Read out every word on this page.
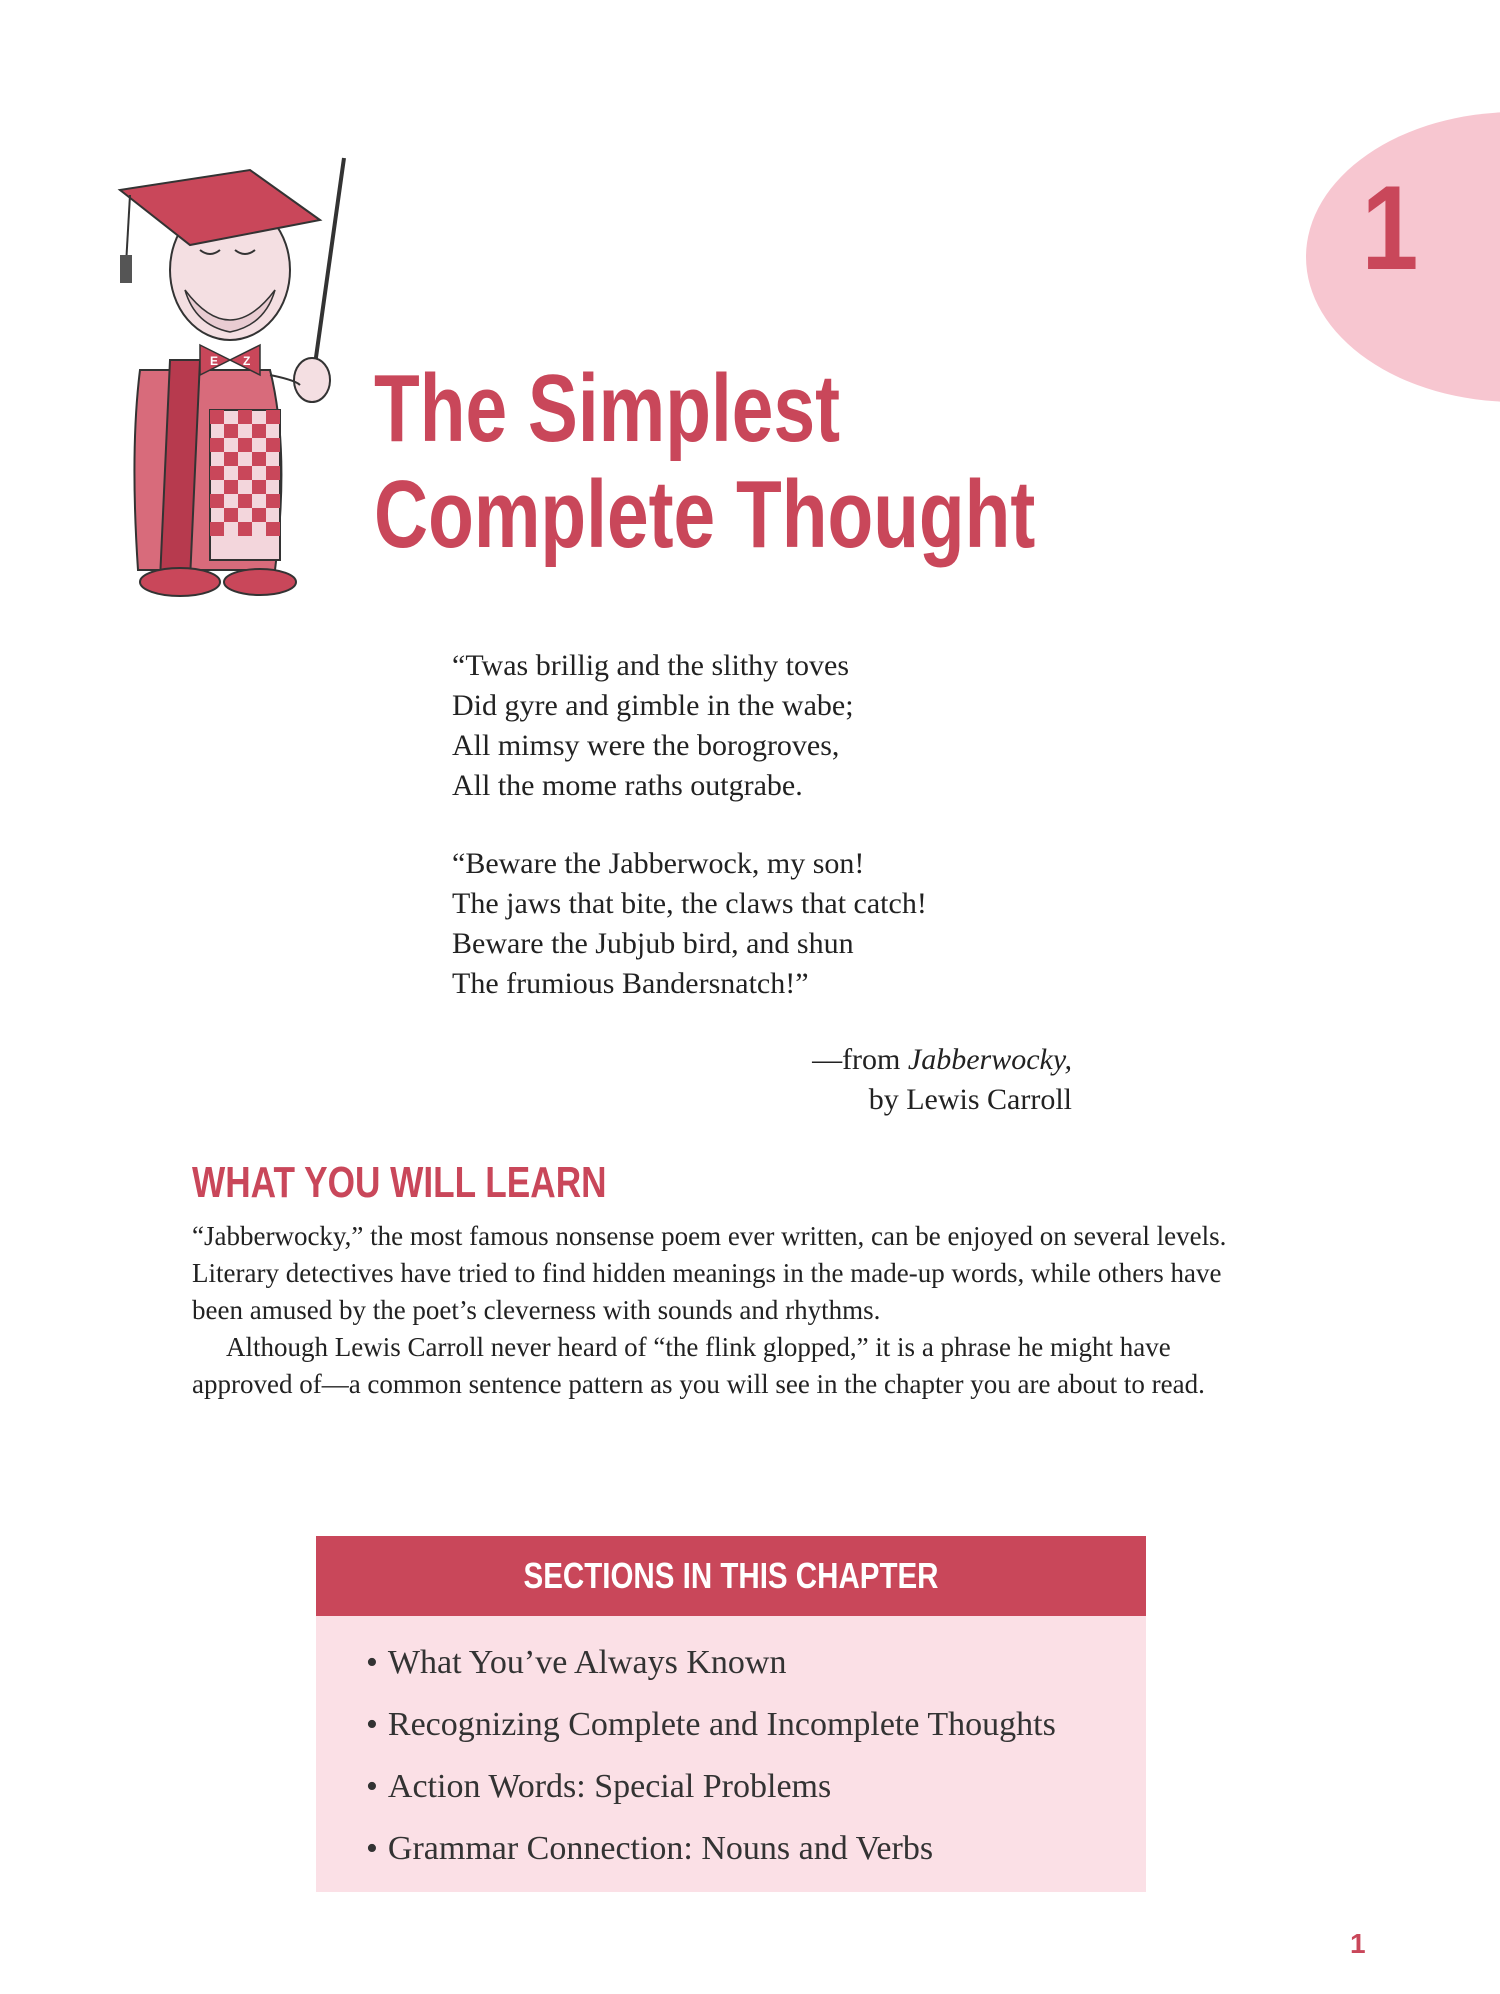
1
E Z The Simplest
Complete Thought
“Twas brillig and the slithy toves
Did gyre and gimble in the wabe;
All mimsy were the borogroves,
All the mome raths outgrabe.
“Beware the Jabberwock, my son!
The jaws that bite, the claws that catch!
Beware the Jubjub bird, and shun
The frumious Bandersnatch!”
—from Jabberwocky,
by Lewis Carroll
WHAT YOU WILL LEARN

“Jabberwocky,” the most famous nonsense poem ever written, can be enjoyed on several levels. Literary detectives have tried to find hidden meanings in the made-up words, while others have been amused by the poet’s cleverness with sounds and rhythms.

Although Lewis Carroll never heard of “the flink glopped,” it is a phrase he might have approved of—a common sentence pattern as you will see in the chapter you are about to read.

SECTIONS IN THIS CHAPTER
• What You’ve Always Known
• Recognizing Complete and Incomplete Thoughts
• Action Words: Special Problems
• Grammar Connection: Nouns and Verbs
1
